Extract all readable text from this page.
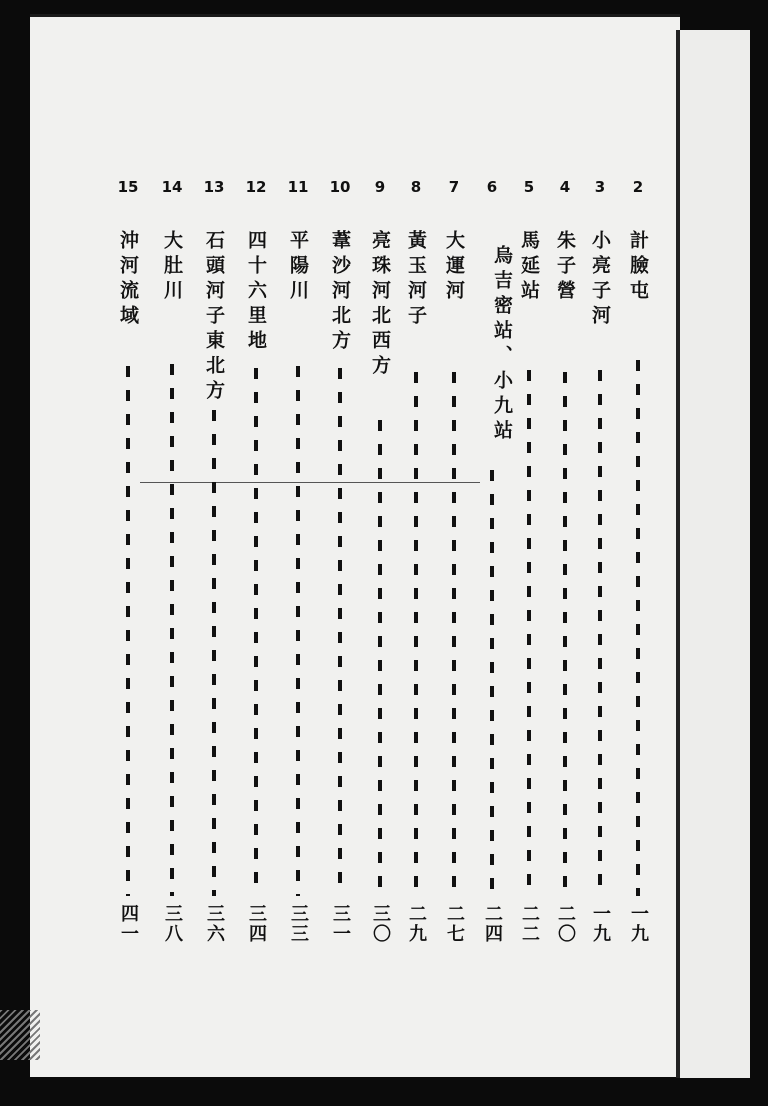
2
計臉屯
一九
3
小亮子河
一九
4
朱子營
二〇
5
馬延站
二二
6
烏吉密站、小九站
二四
7
大運河
二七
8
黃玉河子
二九
9
亮珠河北西方
三〇
10
葦沙河北方
三一
11
平陽川
三三
12
四十六里地
三四
13
石頭河子東北方
三六
14
大肚川
三八
15
沖河流域
四一
